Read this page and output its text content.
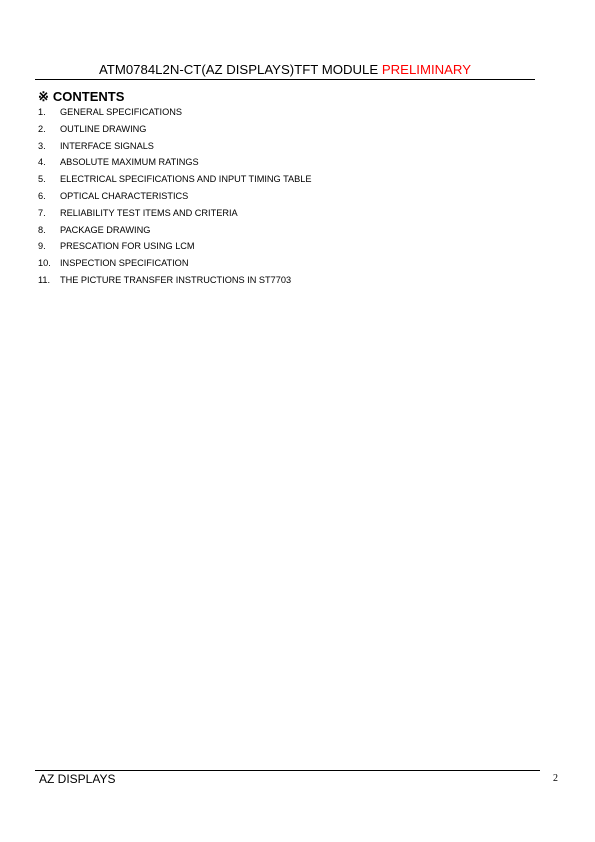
ATM0784L2N-CT(AZ DISPLAYS)TFT MODULE PRELIMINARY
※ CONTENTS
1. GENERAL SPECIFICATIONS
2. OUTLINE DRAWING
3. INTERFACE SIGNALS
4. ABSOLUTE MAXIMUM RATINGS
5. ELECTRICAL SPECIFICATIONS AND INPUT TIMING TABLE
6. OPTICAL CHARACTERISTICS
7. RELIABILITY TEST ITEMS AND CRITERIA
8. PACKAGE DRAWING
9. PRESCATION FOR USING LCM
10. INSPECTION SPECIFICATION
11. THE PICTURE TRANSFER INSTRUCTIONS IN ST7703
AZ DISPLAYS	2
